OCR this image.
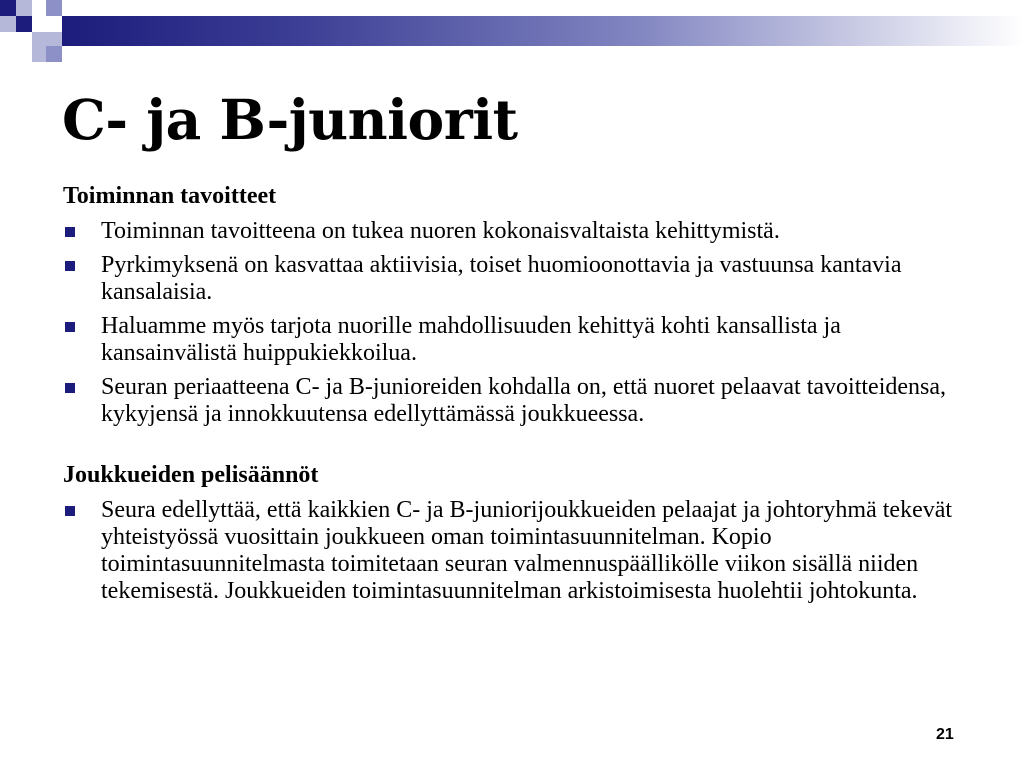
C- ja B-juniorit

Toiminnan tavoitteet

Toiminnan tavoitteena on tukea nuoren kokonaisvaltaista kehittymistä.
Pyrkimyksenä on kasvattaa aktiivisia, toiset huomioonottavia ja vastuunsa kantavia kansalaisia.
Haluamme myös tarjota nuorille mahdollisuuden kehittyä kohti kansallista ja kansainvälistä huippukiekkoilua.
Seuran periaatteena C- ja B-junioreiden kohdalla on, että nuoret pelaavat tavoitteidensa, kykyjensä ja innokkuutensa edellyttämässä joukkueessa.

Joukkueiden pelisäännöt

Seura edellyttää, että kaikkien C- ja B-juniorijoukkueiden pelaajat ja johtoryhmä tekevät yhteistyössä vuosittain joukkueen oman toimintasuunnitelman. Kopio toimintasuunnitelmasta toimitetaan seuran valmennuspäällikölle viikon sisällä niiden tekemisestä. Joukkueiden toimintasuunnitelman arkistoimisesta huolehtii johtokunta.
21
